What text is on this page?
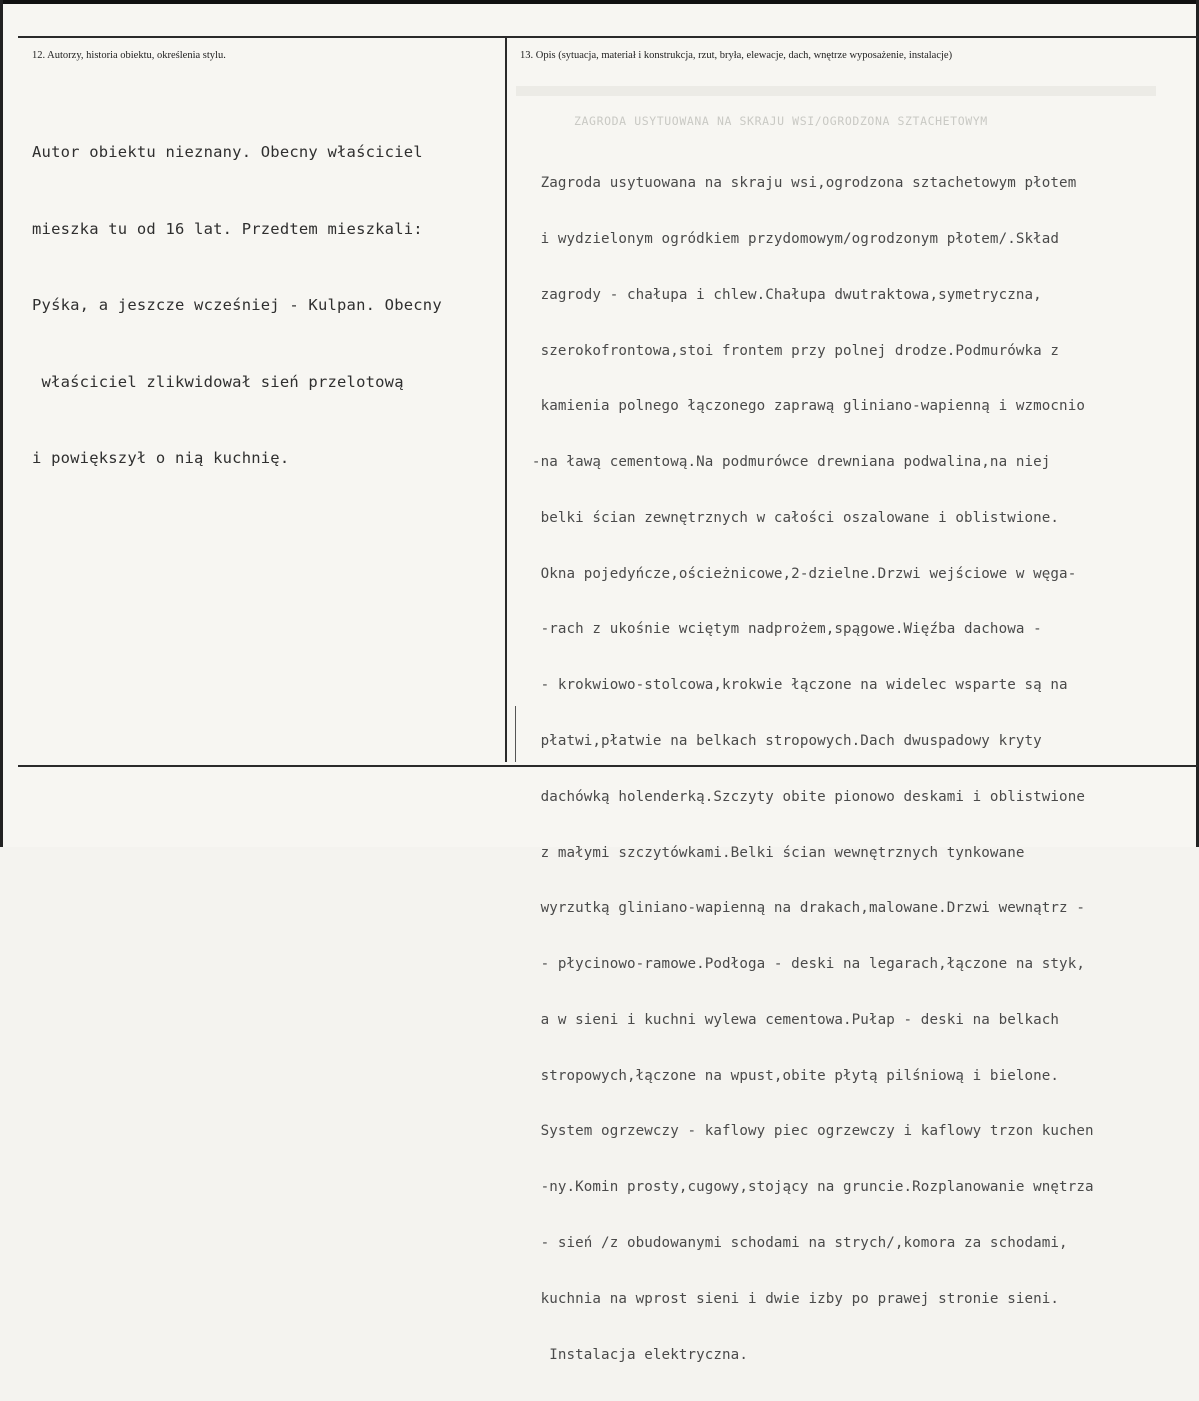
12. Autorzy, historia obiektu, określenia stylu.	13. Opis (sytuacja, materiał i konstrukcja, rzut, bryła, elewacje, dach, wnętrze wyposażenie, instalacje)

Autor obiektu nieznany. Obecny właściciel

mieszka tu od 16 lat. Przedtem mieszkali:

Pyśka, a jeszcze wcześniej - Kulpan. Obecny

właściciel zlikwidował sień przelotową

i powiększył o nią kuchnię.

ZAGRODA USYTUOWANA NA SKRAJU WSI/OGRODZONA SZTACHETOWYM

Zagroda usytuowana na skraju wsi,ogrodzona sztachetowym płotem

i wydzielonym ogródkiem przydomowym/ogrodzonym płotem/.Skład

zagrody - chałupa i chlew.Chałupa dwutraktowa,symetryczna,

szerokofrontowa,stoi frontem przy polnej drodze.Podmurówka z

kamienia polnego łączonego zaprawą gliniano-wapienną i wzmocnio

-na ławą cementową.Na podmurówce drewniana podwalina,na niej

belki ścian zewnętrznych w całości oszalowane i oblistwione.

Okna pojedyńcze,ościeżnicowe,2-dzielne.Drzwi wejściowe w węga-

-rach z ukośnie wciętym nadprożem,spągowe.Więźba dachowa -

- krokwiowo-stolcowa,krokwie łączone na widelec wsparte są na

płatwi,płatwie na belkach stropowych.Dach dwuspadowy kryty

dachówką holenderką.Szczyty obite pionowo deskami i oblistwione

z małymi szczytówkami.Belki ścian wewnętrznych tynkowane

wyrzutką gliniano-wapienną na drakach,malowane.Drzwi wewnątrz -

- płycinowo-ramowe.Podłoga - deski na legarach,łączone na styk,

a w sieni i kuchni wylewa cementowa.Pułap - deski na belkach

stropowych,łączone na wpust,obite płytą pilśniową i bielone.

System ogrzewczy - kaflowy piec ogrzewczy i kaflowy trzon kuchen

-ny.Komin prosty,cugowy,stojący na gruncie.Rozplanowanie wnętrza

- sień /z obudowanymi schodami na strych/,komora za schodami,

kuchnia na wprost sieni i dwie izby po prawej stronie sieni.

Instalacja elektryczna.
